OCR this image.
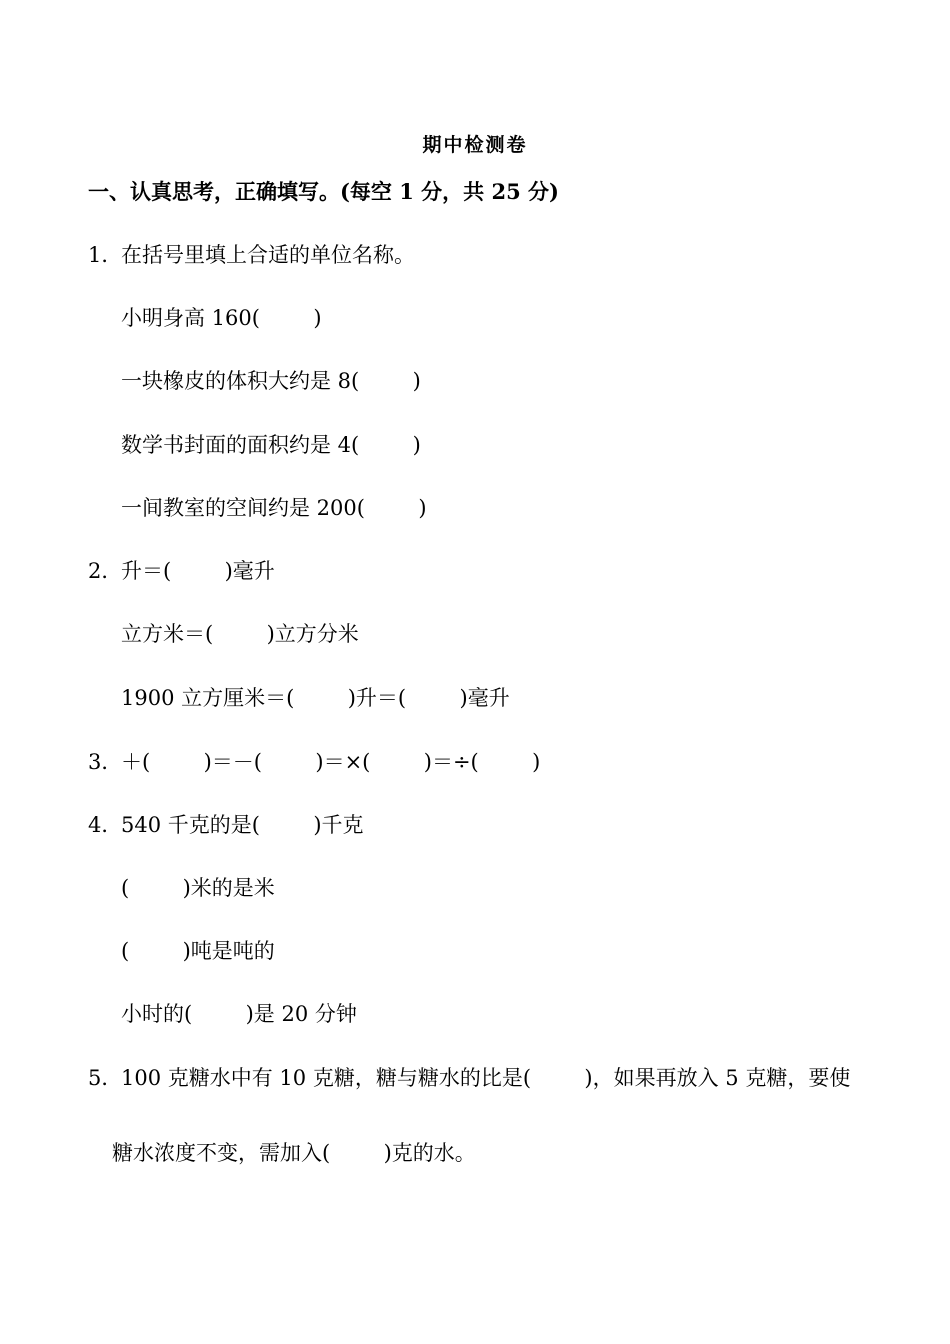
期中检测卷
一、认真思考，正确填写。(每空 1 分，共 25 分)
1．
在括号里填上合适的单位名称。
小明身高 160(        )
一块橡皮的体积大约是 8(        )
数学书封面的面积约是 4(        )
一间教室的空间约是 200(        )
2．
升＝(        )毫升
立方米＝(        )立方分米
1900 立方厘米＝(        )升＝(        )毫升
3．
＋(        )＝－(        )＝×(        )＝÷(        )
4．
540 千克的是(        )千克
(        )米的是米
(        )吨是吨的
小时的(        )是 20 分钟
5．
100 克糖水中有 10 克糖，糖与糖水的比是(        )，如果再放入 5 克糖，要使
糖水浓度不变，需加入(        )克的水。
